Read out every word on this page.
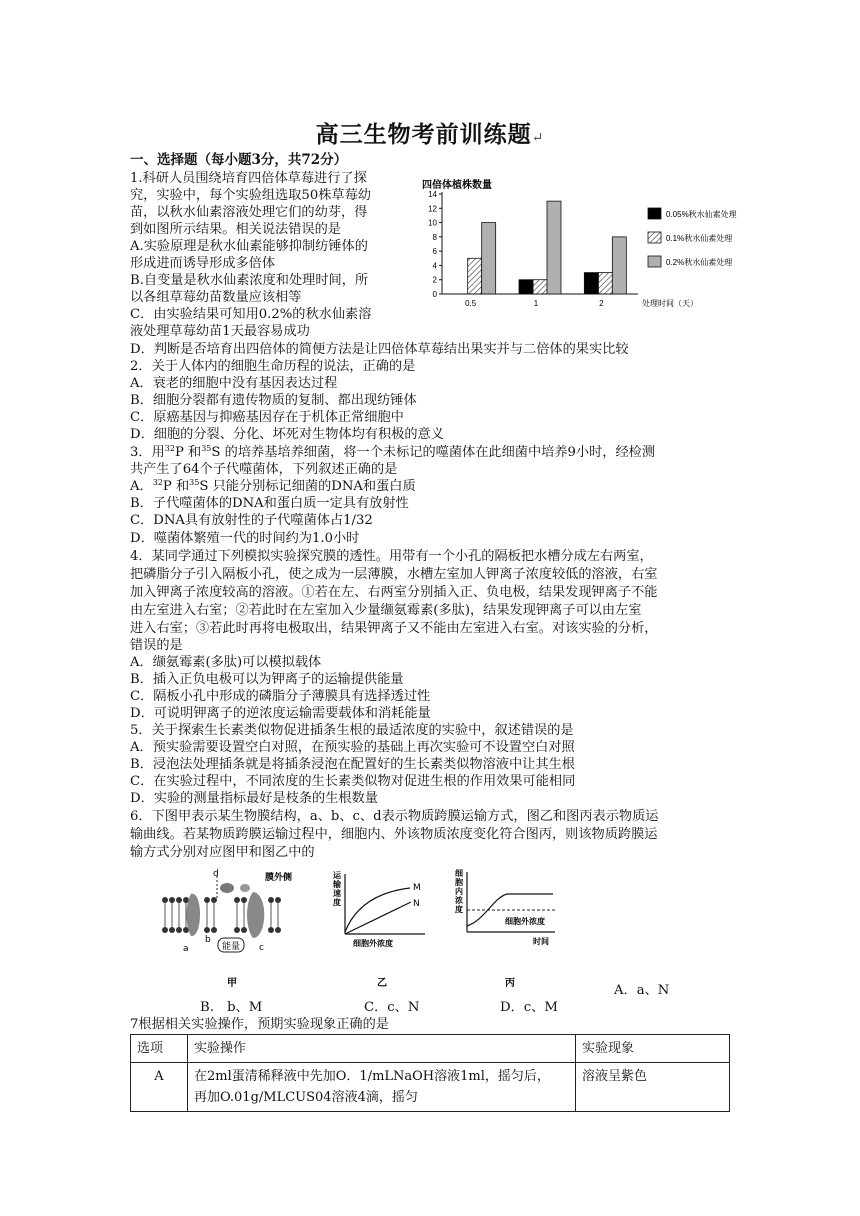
高三生物考前训练题↵
一、选择题（每小题3分，共72分）
1.科研人员围绕培育四倍体草莓进行了探
究，实验中，每个实验组选取50株草莓幼
苗，以秋水仙素溶液处理它们的幼芽，得
到如图所示结果。相关说法错误的是
A.实验原理是秋水仙素能够抑制纺锤体的
形成进而诱导形成多倍体
B.自变量是秋水仙素浓度和处理时间，所
以各组草莓幼苗数量应该相等
C．由实验结果可知用0.2%的秋水仙素溶
液处理草莓幼苗1天最容易成功
D．判断是否培育出四倍体的简便方法是让四倍体草莓结出果实并与二倍体的果实比较
2．关于人体内的细胞生命历程的说法，正确的是
A．衰老的细胞中没有基因表达过程
B．细胞分裂都有遗传物质的复制、都出现纺锤体
C．原癌基因与抑癌基因存在于机体正常细胞中
D．细胞的分裂、分化、坏死对生物体均有积极的意义
3．用$^{32}$P 和$^{35}$S 的培养基培养细菌，将一个未标记的噬菌体在此细菌中培养9小时，经检测
共产生了64个子代噬菌体，下列叙述正确的是
A．$^{32}$P 和$^{35}$S 只能分别标记细菌的DNA和蛋白质
B．子代噬菌体的DNA和蛋白质一定具有放射性
C．DNA具有放射性的子代噬菌体占1/32
D．噬菌体繁殖一代的时间约为1.0小时
4．某同学通过下列模拟实验探究膜的透性。用带有一个小孔的隔板把水槽分成左右两室，
把磷脂分子引入隔板小孔，使之成为一层薄膜，水槽左室加人钾离子浓度较低的溶液，右室
加入钾离子浓度较高的溶液。①若在左、右两室分别插入正、负电极，结果发现钾离子不能
由左室进入右室；②若此时在左室加入少量缬氨霉素(多肽)，结果发现钾离子可以由左室
进入右室；③若此时再将电极取出，结果钾离子又不能由左室进入右室。对该实验的分析，
错误的是
A．缬氨霉素(多肽)可以模拟载体
B．插入正负电极可以为钾离子的运输提供能量
C．隔板小孔中形成的磷脂分子薄膜具有选择透过性
D．可说明钾离子的逆浓度运输需要载体和消耗能量
5．关于探索生长素类似物促进插条生根的最适浓度的实验中，叙述错误的是
A．预实验需要设置空白对照，在预实验的基础上再次实验可不设置空白对照
B．浸泡法处理插条就是将插条浸泡在配置好的生长素类似物溶液中让其生根
C．在实验过程中，不同浓度的生长素类似物对促进生根的作用效果可能相同
D．实验的测量指标最好是枝条的生根数量
6．下图甲表示某生物膜结构，a、b、c、d表示物质跨膜运输方式，图乙和图丙表示物质运
输曲线。若某物质跨膜运输过程中，细胞内、外该物质浓度变化符合图丙，则该物质跨膜运
输方式分别对应图甲和图乙中的
A．a、N
B.　b、M	C．c、N	D．c、M
7根据相关实验操作，预期实验现象正确的是
四倍体植株数量
0
2
4
6
8
10
12
14
0.5	1	2	处理时间（天）
0.05%秋水仙素处理
0.1%秋水仙素处理
0.2%秋水仙素处理
膜外侧
d
能量
a
b
c
甲
M
N
运输速度
细胞外浓度
乙
细胞内浓度
细胞外浓度
时间
丙
选项	实验操作	实验现象
A	在2ml蛋清稀释液中先加O．1/mLNaOH溶液1ml，摇匀后，
再加O.01g/MLCUS04溶液4滴，摇匀	溶液呈紫色
